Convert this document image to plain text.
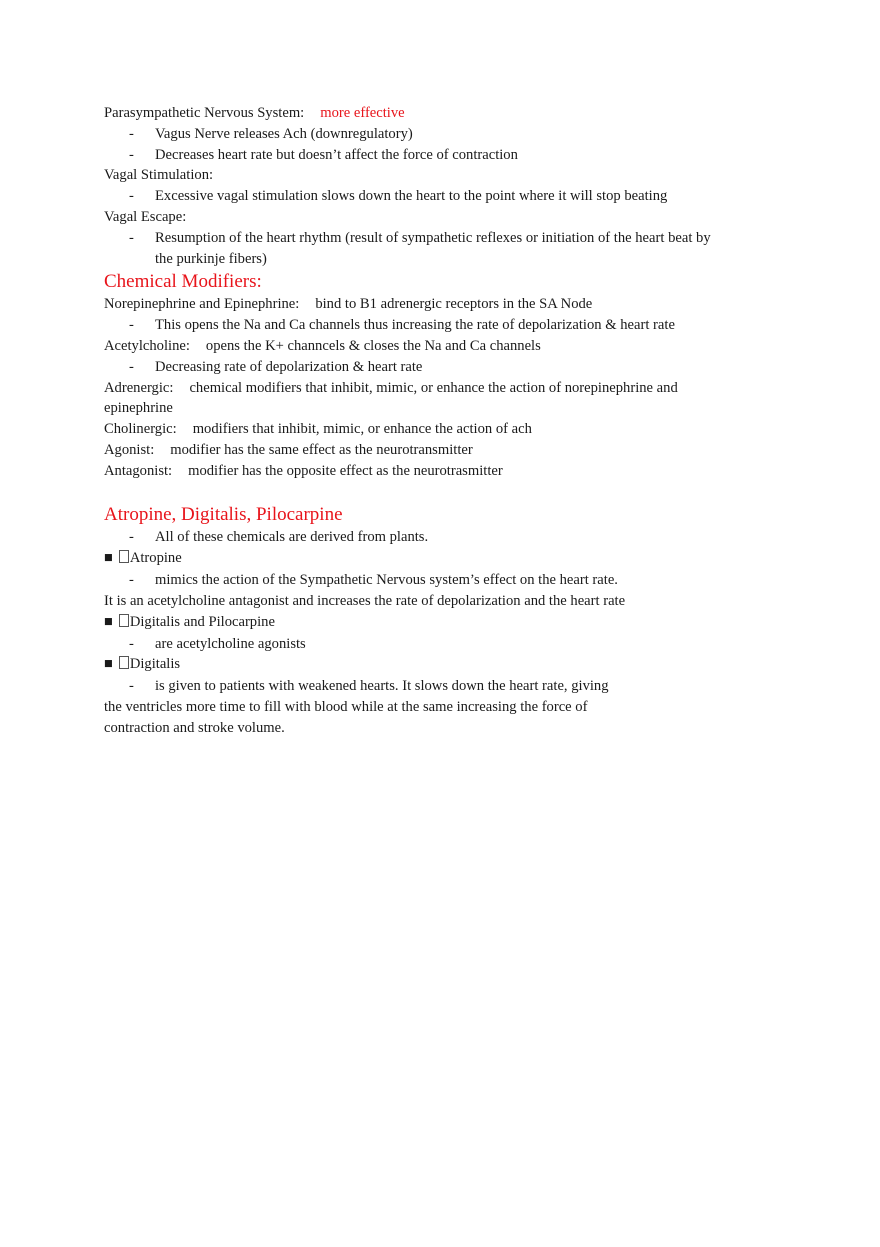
Parasympathetic Nervous System: more effective
- Vagus Nerve releases Ach (downregulatory)
- Decreases heart rate but doesn’t affect the force of contraction
Vagal Stimulation:
- Excessive vagal stimulation slows down the heart to the point where it will stop beating
Vagal Escape:
- Resumption of the heart rhythm (result of sympathetic reflexes or initiation of the heart beat by the purkinje fibers)
Chemical Modifiers:
Norepinephrine and Epinephrine: bind to B1 adrenergic receptors in the SA Node
- This opens the Na and Ca channels thus increasing the rate of depolarization & heart rate
Acetylcholine: opens the K+ channcels & closes the Na and Ca channels
- Decreasing rate of depolarization & heart rate
Adrenergic: chemical modifiers that inhibit, mimic, or enhance the action of norepinephrine and epinephrine
Cholinergic: modifiers that inhibit, mimic, or enhance the action of ach
Agonist: modifier has the same effect as the neurotransmitter
Antagonist: modifier has the opposite effect as the neurotrasmitter
Atropine, Digitalis, Pilocarpine
- All of these chemicals are derived from plants.
■ Atropine
- mimics the action of the Sympathetic Nervous system’s effect on the heart rate. It is an acetylcholine antagonist and increases the rate of depolarization and the heart rate
■ Digitalis and Pilocarpine
- are acetylcholine agonists
■ Digitalis
- is given to patients with weakened hearts. It slows down the heart rate, giving the ventricles more time to fill with blood while at the same increasing the force of contraction and stroke volume.
